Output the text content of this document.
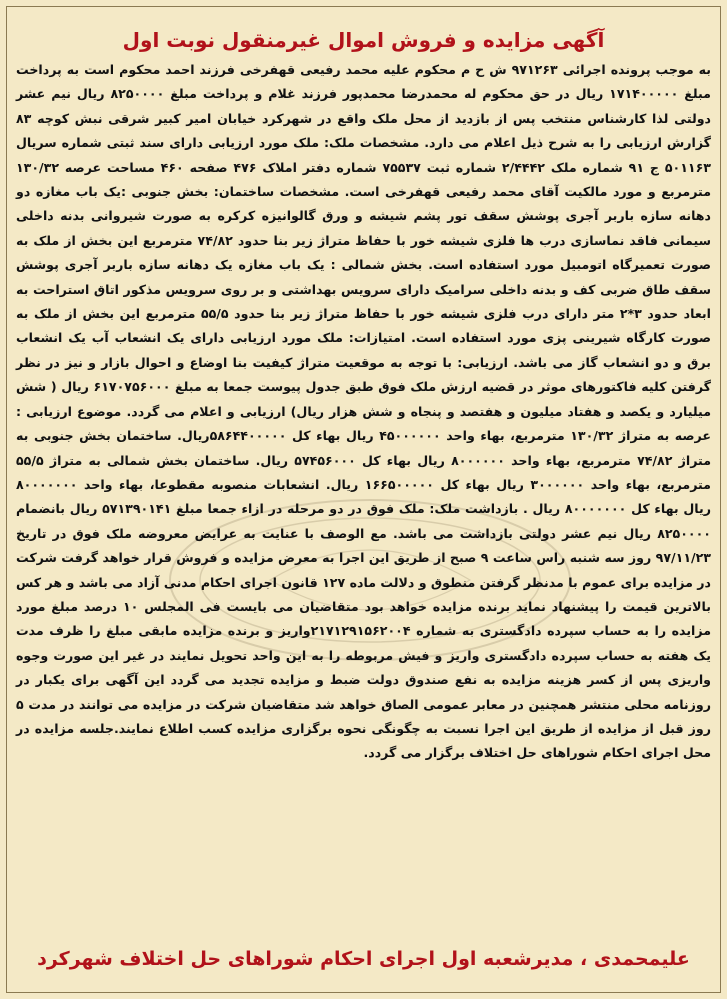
آگهی مزایده و فروش اموال غیرمنقول نوبت اول
به موجب پرونده اجرائی ۹۷۱۲۶۳ ش ح م محکوم علیه محمد رفیعی قهفرخی فرزند احمد محکوم است به پرداخت مبلغ ۱۷۱۴۰۰۰۰۰ ریال در حق محکوم له محمدرضا محمدپور فرزند غلام و پرداخت مبلغ ۸۲۵۰۰۰۰ ریال نیم عشر دولتی لذا کارشناس منتخب پس از بازدید از محل ملک واقع در شهرکرد خیابان امیر کبیر شرقی نبش کوچه ۸۳ گزارش ارزیابی را به شرح ذیل اعلام می دارد. مشخصات ملک: ملک مورد ارزیابی دارای سند ثبتی شماره سریال ۵۰۱۱۶۳ ج ۹۱ شماره ملک ۲/۴۴۴۲ شماره ثبت ۷۵۵۳۷ شماره دفتر املاک ۴۷۶ صفحه ۴۶۰ مساحت عرصه ۱۳۰/۳۲ مترمربع و مورد مالکیت آقای محمد رفیعی قهفرخی است. مشخصات ساختمان: بخش جنوبی :یک باب مغازه دو دهانه سازه باربر آجری پوشش سقف تور پشم شیشه و ورق گالوانیزه کرکره به صورت شیروانی بدنه داخلی سیمانی فاقد نماسازی درب ها فلزی شیشه خور با حفاظ متراژ زیر بنا حدود ۷۴/۸۲ مترمربع این بخش از ملک به صورت تعمیرگاه اتومبیل مورد استفاده است. بخش شمالی : یک باب مغازه یک دهانه سازه باربر آجری پوشش سقف طاق ضربی کف و بدنه داخلی سرامیک دارای سرویس بهداشتی و بر روی سرویس مذکور اتاق استراحت به ابعاد حدود ۳*۲ متر دارای درب فلزی شیشه خور با حفاظ متراژ زیر بنا حدود ۵۵/۵ مترمربع این بخش از ملک به صورت کارگاه شیرینی پزی مورد استفاده است. امتیازات: ملک مورد ارزیابی دارای یک انشعاب آب یک انشعاب برق و دو انشعاب گاز می باشد. ارزیابی: با توجه به موقعیت متراژ کیفیت بنا اوضاع و احوال بازار و نیز در نظر گرفتن کلیه فاکتورهای موثر در قضیه ارزش ملک فوق طبق جدول پیوست جمعا به مبلغ ۶۱۷۰۷۵۶۰۰۰ ریال ( شش میلیارد و یکصد و هفتاد میلیون و هفتصد و پنجاه و شش هزار ریال) ارزیابی و اعلام می گردد. موضوع ارزیابی : عرصه به متراژ ۱۳۰/۳۲ مترمربع، بهاء واحد ۴۵۰۰۰۰۰۰ ریال بهاء کل ۵۸۶۴۴۰۰۰۰۰ریال. ساختمان بخش جنوبی به متراژ ۷۴/۸۲ مترمربع، بهاء واحد ۸۰۰۰۰۰۰ ریال بهاء کل ۵۷۴۵۶۰۰۰ ریال. ساختمان بخش شمالی به متراژ ۵۵/۵ مترمربع، بهاء واحد ۳۰۰۰۰۰۰ ریال بهاء کل ۱۶۶۵۰۰۰۰۰ ریال. انشعابات منصوبه مقطوعا، بهاء واحد ۸۰۰۰۰۰۰۰ ریال بهاء کل ۸۰۰۰۰۰۰۰ ریال . بازداشت ملک: ملک فوق در دو مرحله در ازاء جمعا مبلغ ۵۷۱۳۹۰۱۴۱ ریال بانضمام ۸۲۵۰۰۰۰ ریال نیم عشر دولتی بازداشت می باشد. مع الوصف با عنایت به عرایض معروضه ملک فوق در تاریخ ۹۷/۱۱/۲۳ روز سه شنبه راس ساعت ۹ صبح از طریق این اجرا به معرض مزایده و فروش قرار خواهد گرفت شرکت در مزایده برای عموم با مدنظر گرفتن منطوق و دلالت ماده ۱۲۷ قانون اجرای احکام مدنی آزاد می باشد و هر کس بالاترین قیمت را پیشنهاد نماید برنده مزایده خواهد بود متقاضیان می بایست فی المجلس ۱۰ درصد مبلغ مورد مزایده را به حساب سپرده دادگستری به شماره ۲۱۷۱۲۹۱۵۶۲۰۰۴واریز و برنده مزایده مابقی مبلغ را ظرف مدت یک هفته به حساب سپرده دادگستری واریز و فیش مربوطه را به این واحد تحویل نمایند در غیر این صورت وجوه واریزی پس از کسر هزینه مزایده به نفع صندوق دولت ضبط و مزایده تجدید می گردد این آگهی برای یکبار در روزنامه محلی منتشر همچنین در معابر عمومی الصاق خواهد شد متقاضیان شرکت در مزایده می توانند در مدت ۵ روز قبل از مزایده از طریق این اجرا نسبت به چگونگی نحوه برگزاری مزایده کسب اطلاع نمایند.جلسه مزایده در محل اجرای احکام شوراهای حل اختلاف برگزار می گردد.
علیمحمدی ، مدیرشعبه اول اجرای احکام شوراهای حل اختلاف شهرکرد
